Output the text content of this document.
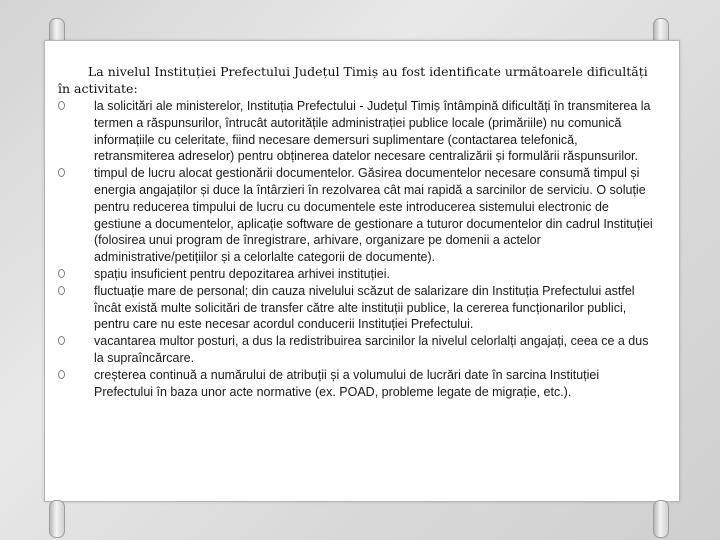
La nivelul Instituției Prefectului Județul Timiș au fost identificate următoarele dificultăți în activitate:

la solicitări ale ministerelor, Instituția Prefectului - Județul Timiș întâmpină dificultăți în transmiterea la termen a răspunsurilor, întrucât autoritățile administrației publice locale (primăriile) nu comunică informațiile cu celeritate, fiind necesare demersuri suplimentare (contactarea telefonică, retransmiterea adreselor) pentru obținerea datelor necesare centralizării și formulării răspunsurilor.
timpul de lucru alocat gestionării documentelor. Găsirea documentelor necesare consumă timpul și energia angajaților și duce la întârzieri în rezolvarea cât mai rapidă a sarcinilor de serviciu. O soluție pentru reducerea timpului de lucru cu documentele este introducerea sistemului electronic de gestiune a documentelor, aplicație software de gestionare a tuturor documentelor din cadrul Instituției (folosirea unui program de înregistrare, arhivare, organizare pe domenii a actelor administrative/petițiilor și a celorlalte categorii de documente).
spațiu insuficient pentru depozitarea arhivei instituției.
fluctuație mare de personal; din cauza nivelului scăzut de salarizare din Instituția Prefectului astfel încât există multe solicitări de transfer către alte instituții publice, la cererea funcționarilor publici, pentru care nu este necesar acordul conducerii Instituției Prefectului.
vacantarea multor posturi, a dus la redistribuirea sarcinilor la nivelul celorlalți angajați, ceea ce a dus la supraîncărcare.
creșterea continuă a numărului de atribuții și a volumului de lucrări date în sarcina Instituției Prefectului în baza unor acte normative (ex. POAD, probleme legate de migrație, etc.).
